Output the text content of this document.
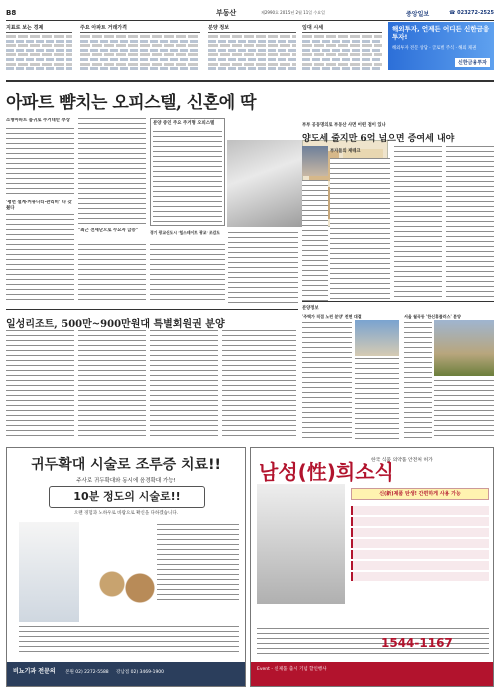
B8	부동산	제2990호 2015년 2월 11일 수요일	중앙일보	☎ 023272-2525
지표로 보는 경제	주요 아파트 거래가격	분양 정보	임대 시세	해외투자, 언제든 어디든 신한금융투자!
해외투자 전문 상담 · 글로벌 주식 · 해외 채권
신한금융투자
아파트 뺨치는 오피스텔, 신혼에 딱
소형아파트 품귀로 주거대안 부상
'평면 설계·커뮤니티·관리비' 다 갖췄다
"최근 전세난으로 수요자 급증"
분양 중인 주요 주거형 오피스텔
경기 광교신도시 '힐스테이트 광교' 조감도
일성리조트, 500만~900만원대 특별회원권 분양
부부 공동명의로 부동산 사면 어떤 점이 있나
양도세 줄지만 6억 넘으면 증여세 내야
부자들의 재테크
분양정보
'주택가 직접 노린 분양' 전면 대결	서울 월곡동 '한신휴플러스' 분양
귀두확대 시술로 조루증 치료!!
주사로 귀두확대와 동시에 음경확대 가능!
10분 정도의 시술로!!
오랜 경험과 노하우로 바람으로 확신을 다하겠습니다.
비뇨기과 전문의 본원 02) 2272-5588 강남점 02) 3469-1900
남성(性)희소식
한국 식품 의약품 안전처 허가
신(新)제품 탄생! 간편하게 사용 가능
1544-1167
Event - 신제품 출시 기념 할인행사
